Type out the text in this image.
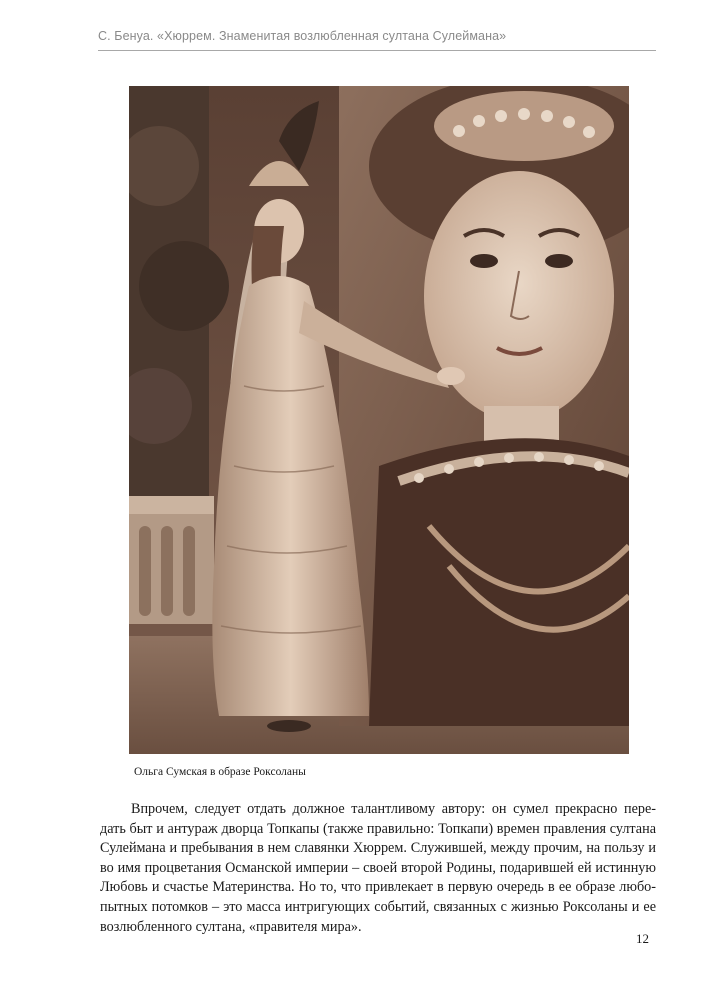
С. Бенуа. «Хюррем. Знаменитая возлюбленная султана Сулеймана»
Ольга Сумская в образе Роксоланы
Впрочем, следует отдать должное талантливому автору: он сумел прекрасно пере-
дать быт и антураж дворца Топкапы (также правильно: Топкапи) времен правления султана
Сулеймана и пребывания в нем славянки Хюррем. Служившей, между прочим, на пользу и
во имя процветания Османской империи – своей второй Родины, подарившей ей истинную
Любовь и счастье Материнства. Но то, что привлекает в первую очередь в ее образе любо-
пытных потомков – это масса интригующих событий, связанных с жизнью Роксоланы и ее
возлюбленного султана, «правителя мира».
12
